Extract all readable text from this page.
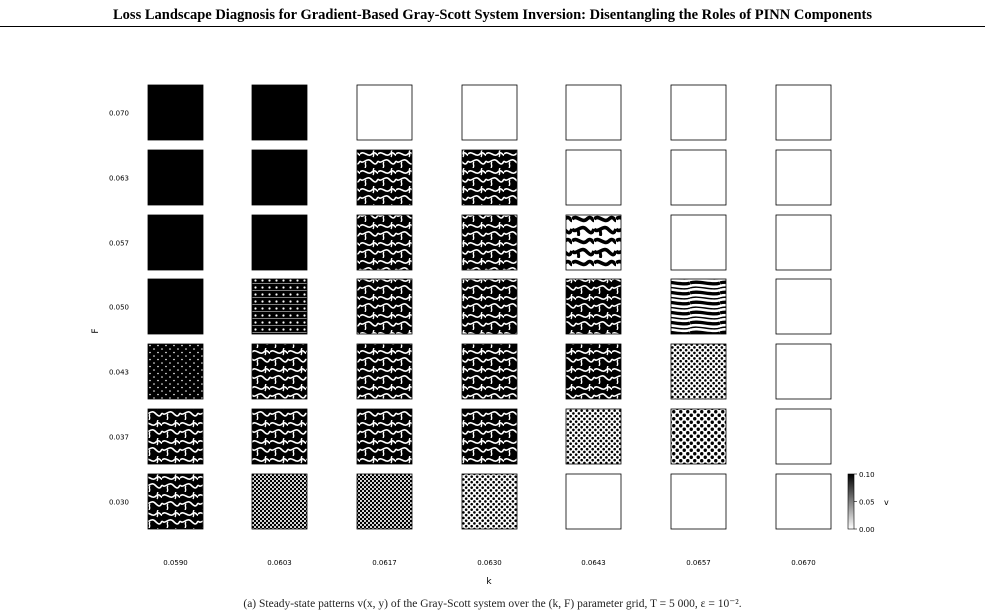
Loss Landscape Diagnosis for Gradient-Based Gray-Scott System Inversion: Disentangling the Roles of PINN Components
0.070
0.063
0.057
0.050
0.043
0.037
0.030
0.0590	0.0603	0.0617	0.0630	0.0643	0.0657	0.0670
k
F
0.10
0.05
0.00
v
(a) Steady-state patterns v(x, y) of the Gray-Scott system over the (k, F) parameter grid, T = 5 000, ε = 10⁻².
